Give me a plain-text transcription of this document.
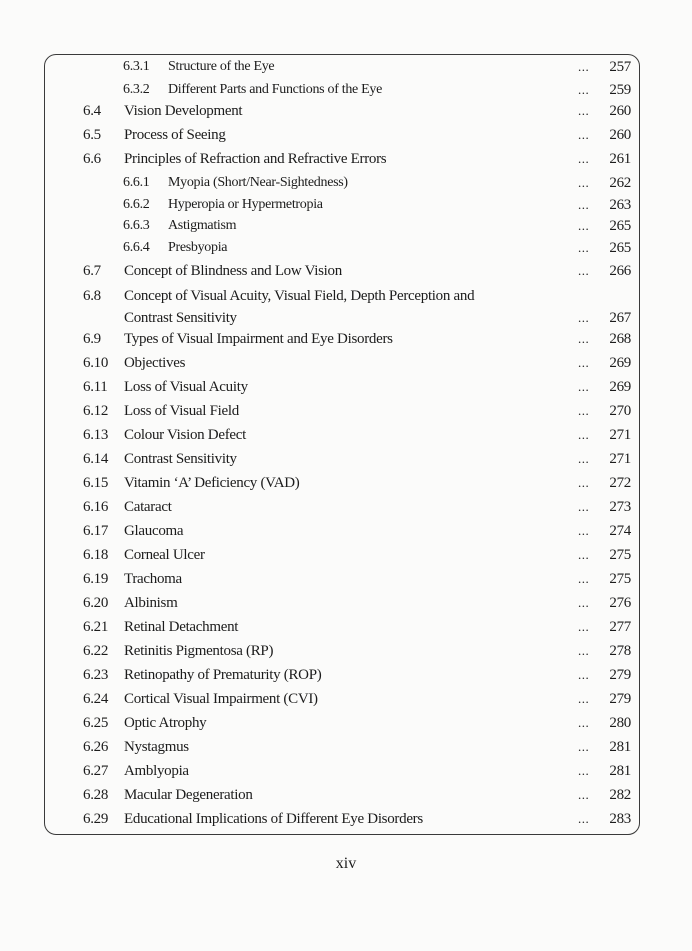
6.3.1 Structure of the Eye	... 257
6.3.2 Different Parts and Functions of the Eye	... 259
6.4 Vision Development	... 260
6.5 Process of Seeing	... 260
6.6 Principles of Refraction and Refractive Errors	... 261
6.6.1 Myopia (Short/Near-Sightedness)	... 262
6.6.2 Hyperopia or Hypermetropia	... 263
6.6.3 Astigmatism	... 265
6.6.4 Presbyopia	... 265
6.7 Concept of Blindness and Low Vision	... 266
6.8 Concept of Visual Acuity, Visual Field, Depth Perception and
Contrast Sensitivity	... 267
6.9 Types of Visual Impairment and Eye Disorders	... 268
6.10 Objectives	... 269
6.11 Loss of Visual Acuity	... 269
6.12 Loss of Visual Field	... 270
6.13 Colour Vision Defect	... 271
6.14 Contrast Sensitivity	... 271
6.15 Vitamin ‘A’ Deficiency (VAD)	... 272
6.16 Cataract	... 273
6.17 Glaucoma	... 274
6.18 Corneal Ulcer	... 275
6.19 Trachoma	... 275
6.20 Albinism	... 276
6.21 Retinal Detachment	... 277
6.22 Retinitis Pigmentosa (RP)	... 278
6.23 Retinopathy of Prematurity (ROP)	... 279
6.24 Cortical Visual Impairment (CVI)	... 279
6.25 Optic Atrophy	... 280
6.26 Nystagmus	... 281
6.27 Amblyopia	... 281
6.28 Macular Degeneration	... 282
6.29 Educational Implications of Different Eye Disorders	... 283
xiv
